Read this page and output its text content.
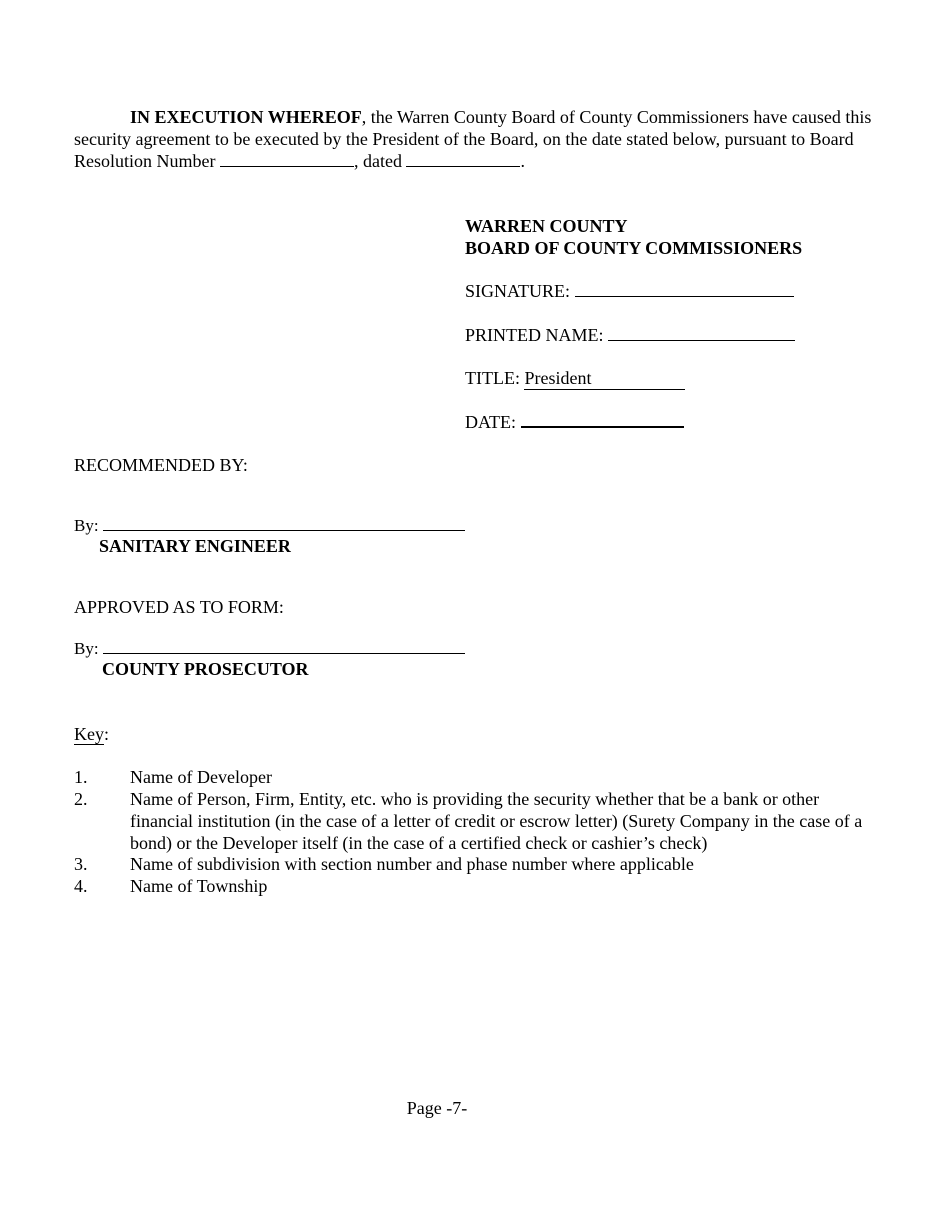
IN EXECUTION WHEREOF, the Warren County Board of County Commissioners have caused this security agreement to be executed by the President of the Board, on the date stated below, pursuant to Board Resolution Number	, dated	.

WARREN COUNTY
BOARD OF COUNTY COMMISSIONERS
SIGNATURE:
PRINTED NAME:
TITLE: President
DATE:
RECOMMENDED BY:
By:
SANITARY ENGINEER
APPROVED AS TO FORM:
By:
COUNTY PROSECUTOR
Key:
1. Name of Developer
2. Name of Person, Firm, Entity, etc. who is providing the security whether that be a bank or other financial institution (in the case of a letter of credit or escrow letter) (Surety Company in the case of a bond) or the Developer itself (in the case of a certified check or cashier’s check)
3. Name of subdivision with section number and phase number where applicable
4. Name of Township
Page -7-
